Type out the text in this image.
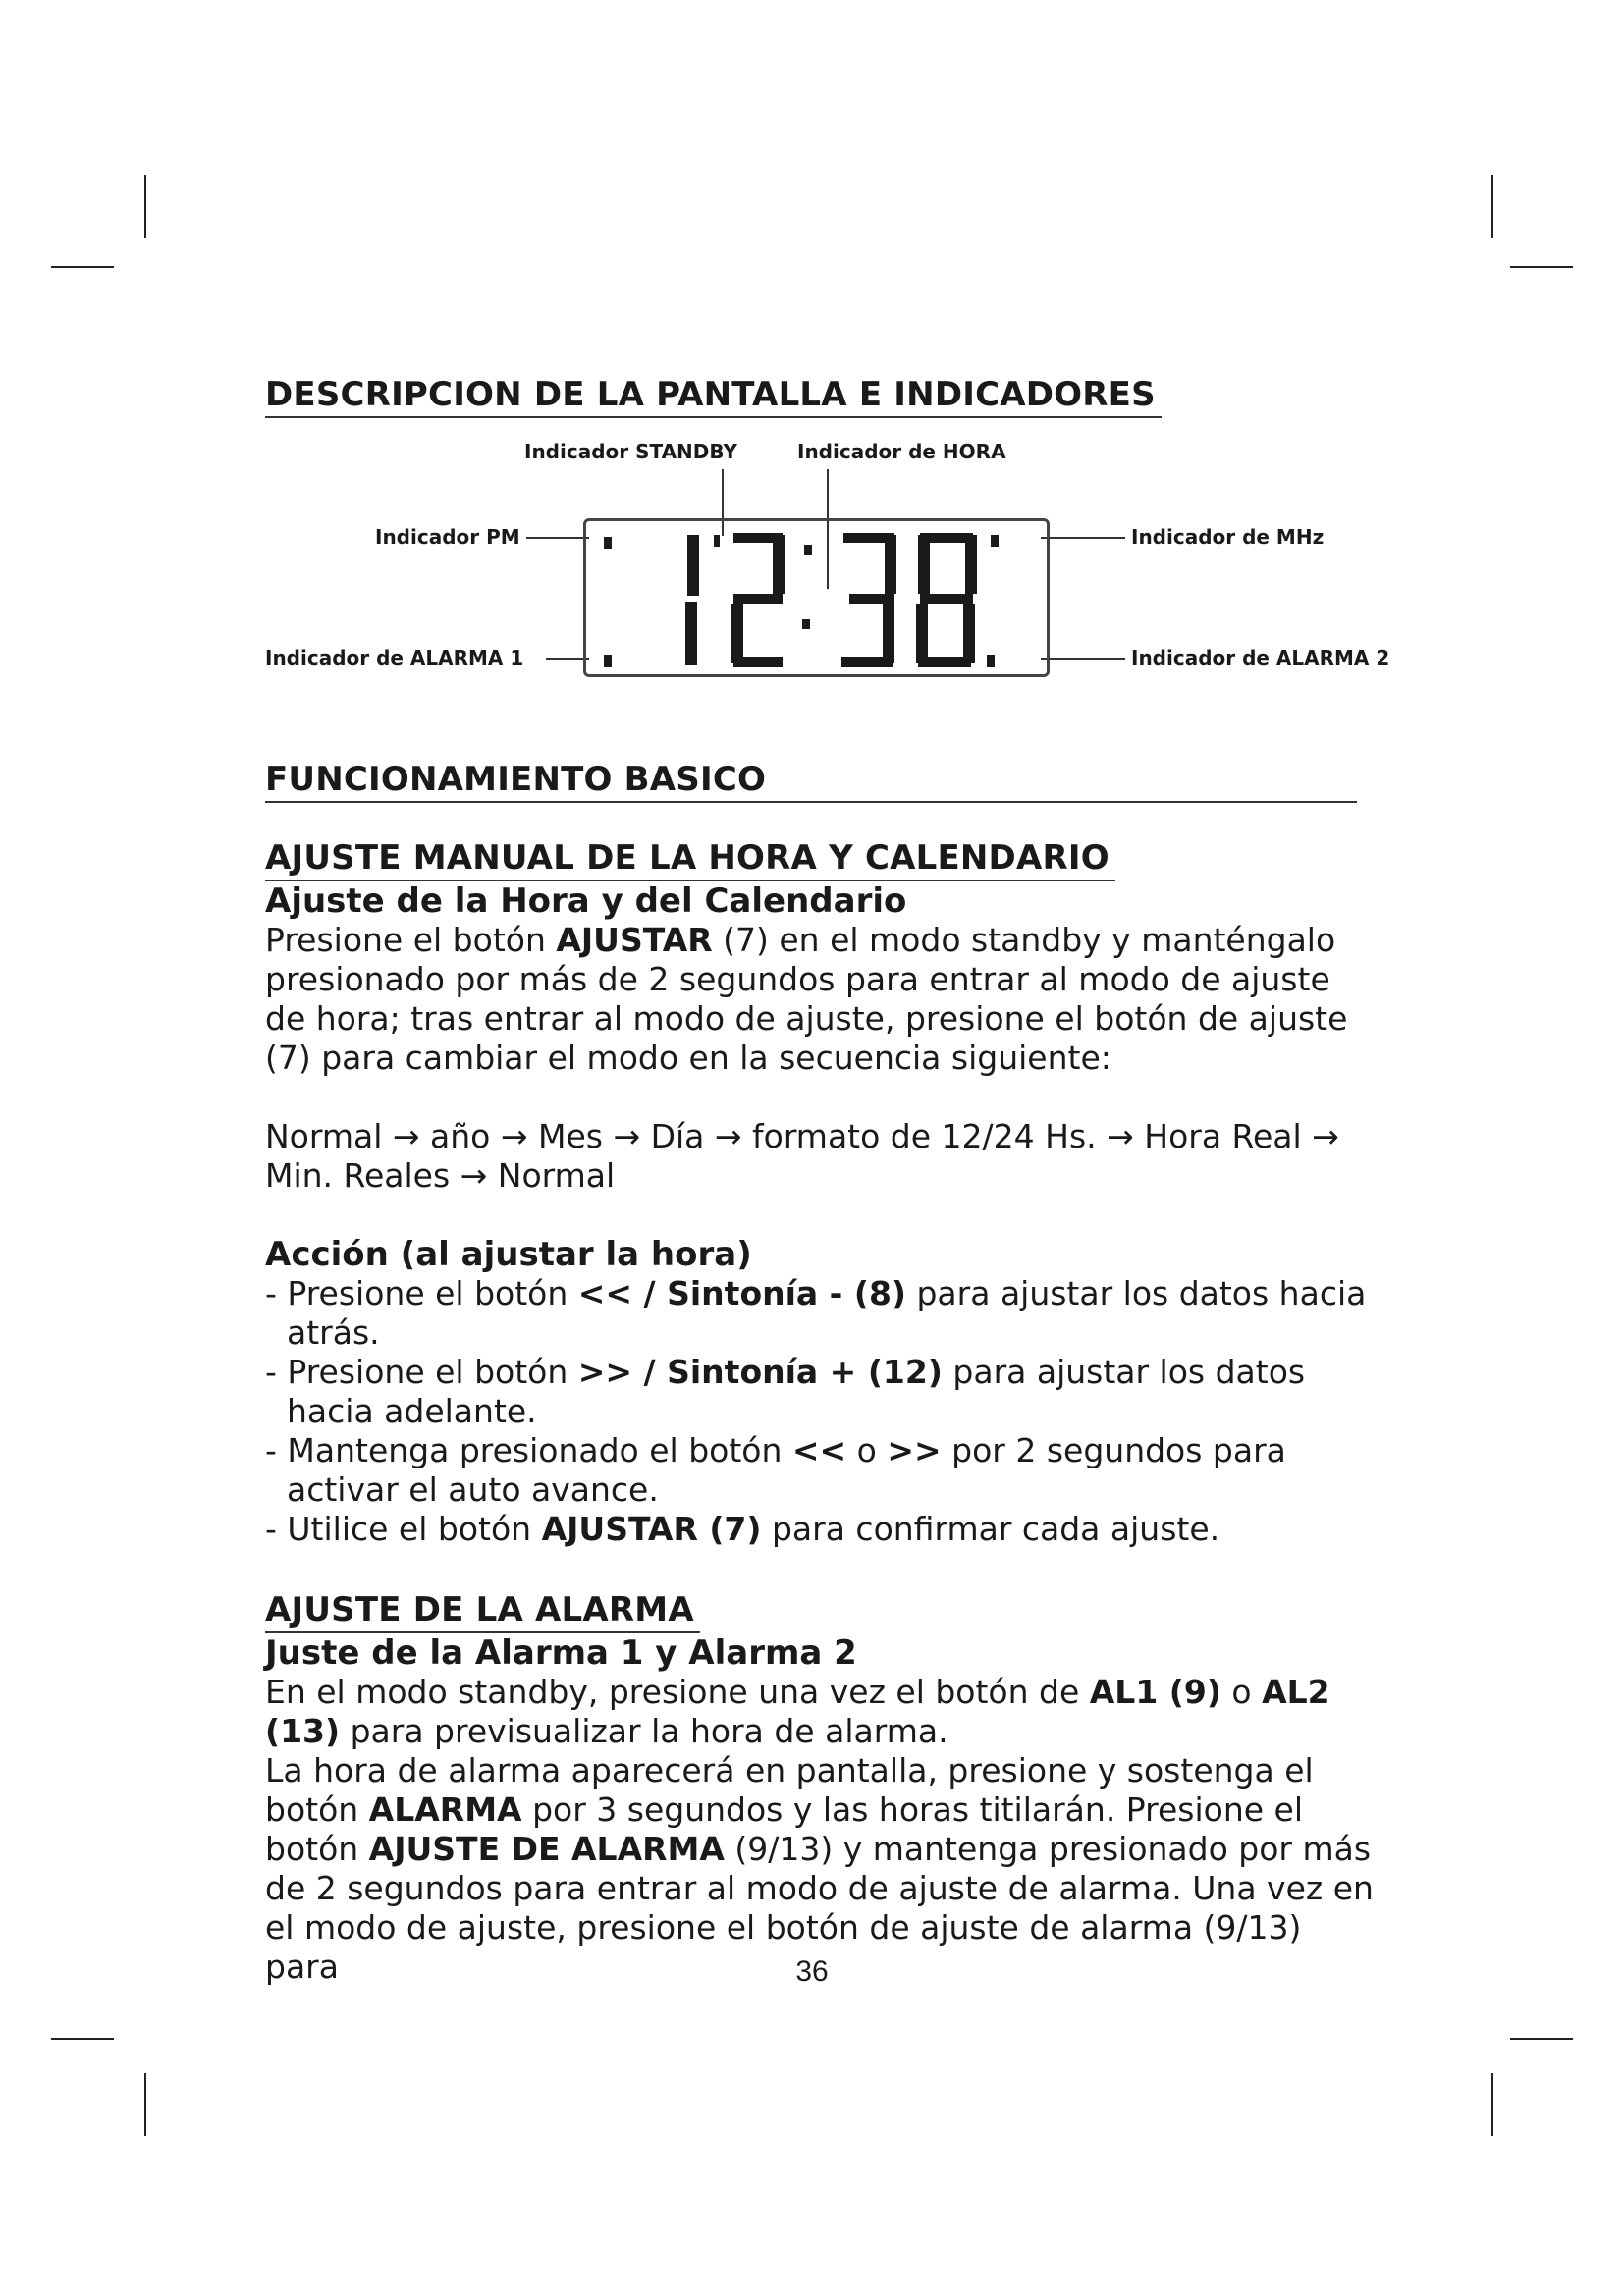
DESCRIPCION DE LA PANTALLA E INDICADORES
Indicador STANDBY	Indicador de HORA
Indicador PM	Indicador de MHz
Indicador de ALARMA 1	Indicador de ALARMA 2
FUNCIONAMIENTO BASICO
AJUSTE MANUAL DE LA HORA Y CALENDARIO
Ajuste de la Hora y del Calendario

Presione el botón AJUSTAR (7) en el modo standby y manténgalo presionado por más de 2 segundos para entrar al modo de ajuste de hora; tras entrar al modo de ajuste, presione el botón de ajuste (7) para cambiar el modo en la secuencia siguiente:

Normal → año → Mes → Día → formato de 12/24 Hs. → Hora Real → Min. Reales → Normal

Acción (al ajustar la hora)
- Presione el botón << / Sintonía - (8) para ajustar los datos hacia atrás.
- Presione el botón >> / Sintonía + (12) para ajustar los datos hacia adelante.
- Mantenga presionado el botón << o >> por 2 segundos para activar el auto avance.
- Utilice el botón AJUSTAR (7) para confirmar cada ajuste.
AJUSTE DE LA ALARMA
Juste de la Alarma 1 y Alarma 2

En el modo standby, presione una vez el botón de AL1 (9) o AL2 (13) para previsualizar la hora de alarma.

La hora de alarma aparecerá en pantalla, presione y sostenga el botón ALARMA por 3 segundos y las horas titilarán. Presione el botón AJUSTE DE ALARMA (9/13) y mantenga presionado por más de 2 segundos para entrar al modo de ajuste de alarma. Una vez en el modo de ajuste, presione el botón de ajuste de alarma (9/13) para	36
